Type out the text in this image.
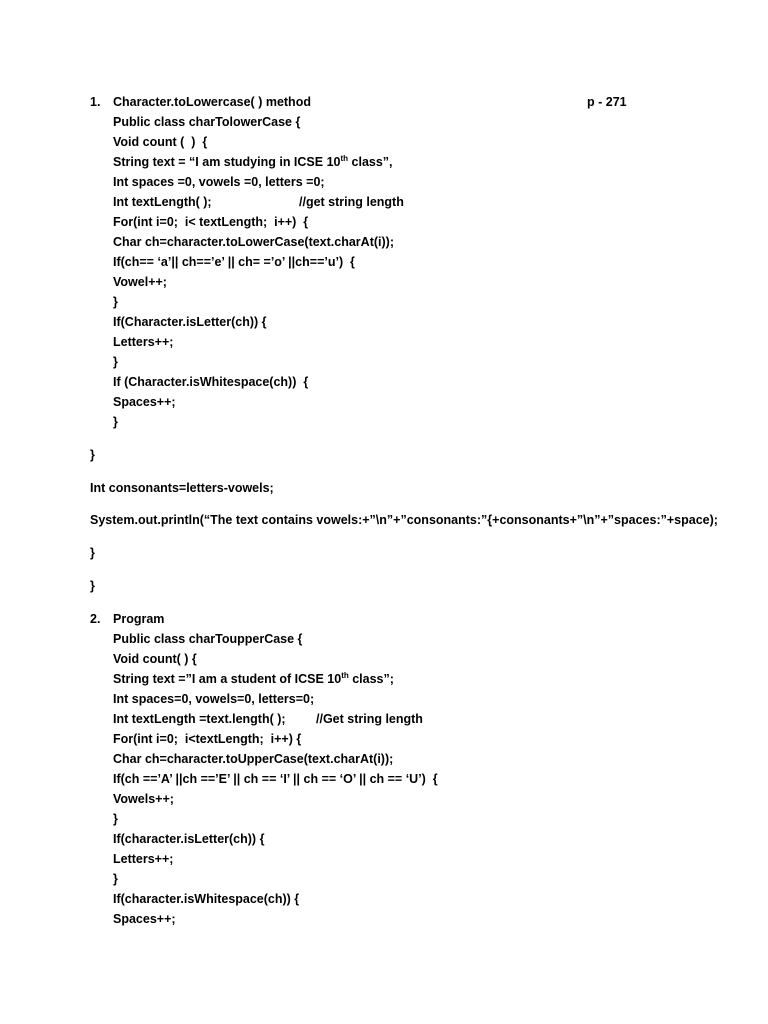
1.	p - 271
Character.toLowercase( ) method
Public class charTolowerCase {
Void count (  )  {
String text = “I am studying in ICSE 10th class”,
Int spaces =0, vowels =0, letters =0;
Int textLength( );	//get string length
For(int i=0;  i< textLength;  i++)  {
Char ch=character.toLowerCase(text.charAt(i));
If(ch== ‘a’|| ch==’e’ || ch= =’o’ ||ch==’u’)  {
Vowel++;
}
If(Character.isLetter(ch)) {
Letters++;
}
If (Character.isWhitespace(ch))  {
Spaces++;
}
}
Int consonants=letters-vowels;
System.out.println(“The text contains vowels:+”\n”+”consonants:”{+consonants+”\n”+”spaces:”+space);
}
}
2. Program
Public class charToupperCase {
Void count( ) {
String text =”I am a student of ICSE 10th class”;
Int spaces=0, vowels=0, letters=0;
Int textLength =text.length( ); //Get string length
For(int i=0;  i<textLength;  i++) {
Char ch=character.toUpperCase(text.charAt(i));
If(ch ==’A’ ||ch ==’E’ || ch == ‘I’ || ch == ‘O’ || ch == ‘U’)  {
Vowels++;
}
If(character.isLetter(ch)) {
Letters++;
}
If(character.isWhitespace(ch)) {
Spaces++;
